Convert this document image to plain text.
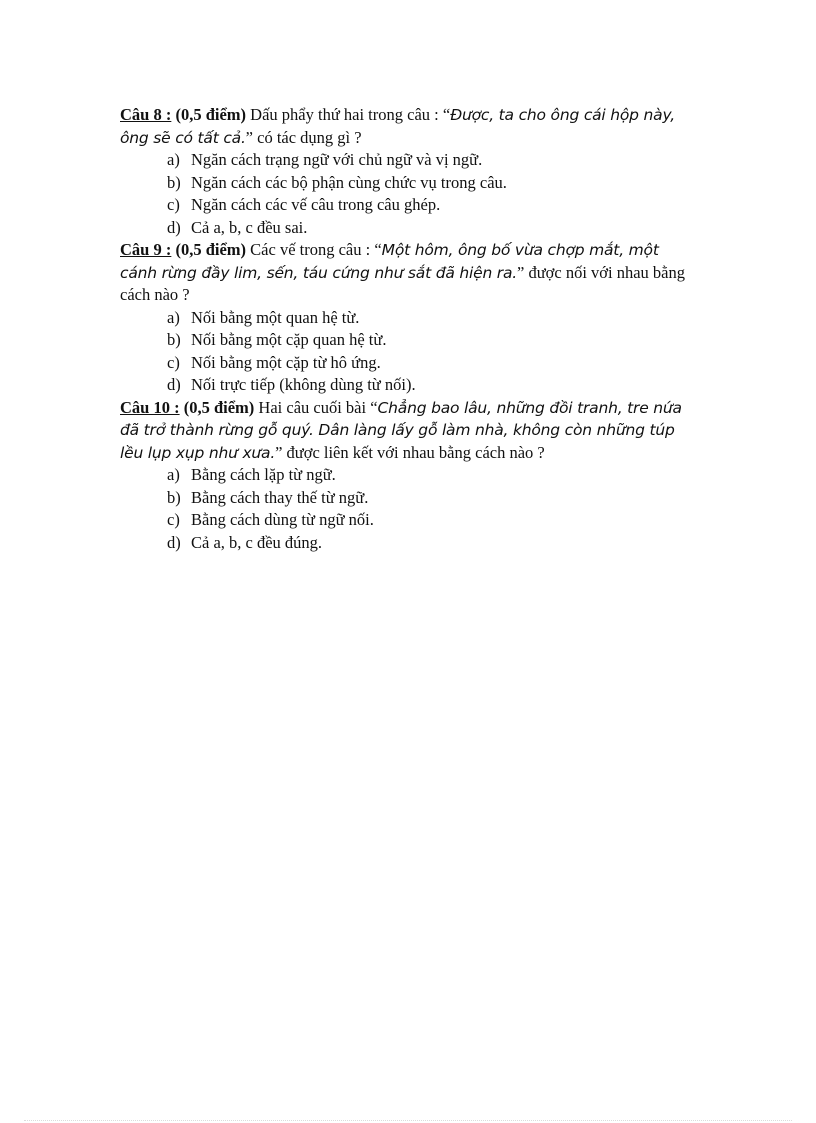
Câu 8 : (0,5 điểm) Dấu phẩy thứ hai trong câu : “Được, ta cho ông cái hộp này, ông sẽ có tất cả.” có tác dụng gì ?

a) Ngăn cách trạng ngữ với chủ ngữ và vị ngữ.
b) Ngăn cách các bộ phận cùng chức vụ trong câu.
c) Ngăn cách các vế câu trong câu ghép.
d) Cả a, b, c đều sai.

Câu 9 : (0,5 điểm) Các vế trong câu : “Một hôm, ông bố vừa chợp mắt, một cánh rừng đầy lim, sến, táu cứng như sắt đã hiện ra.” được nối với nhau bằng cách nào ?

a) Nối bằng một quan hệ từ.
b) Nối bằng một cặp quan hệ từ.
c) Nối bằng một cặp từ hô ứng.
d) Nối trực tiếp (không dùng từ nối).

Câu 10 : (0,5 điểm) Hai câu cuối bài “Chẳng bao lâu, những đồi tranh, tre nứa đã trở thành rừng gỗ quý. Dân làng lấy gỗ làm nhà, không còn những túp lều lụp xụp như xưa.” được liên kết với nhau bằng cách nào ?

a) Bằng cách lặp từ ngữ.
b) Bằng cách thay thế từ ngữ.
c) Bằng cách dùng từ ngữ nối.
d) Cả a, b, c đều đúng.
